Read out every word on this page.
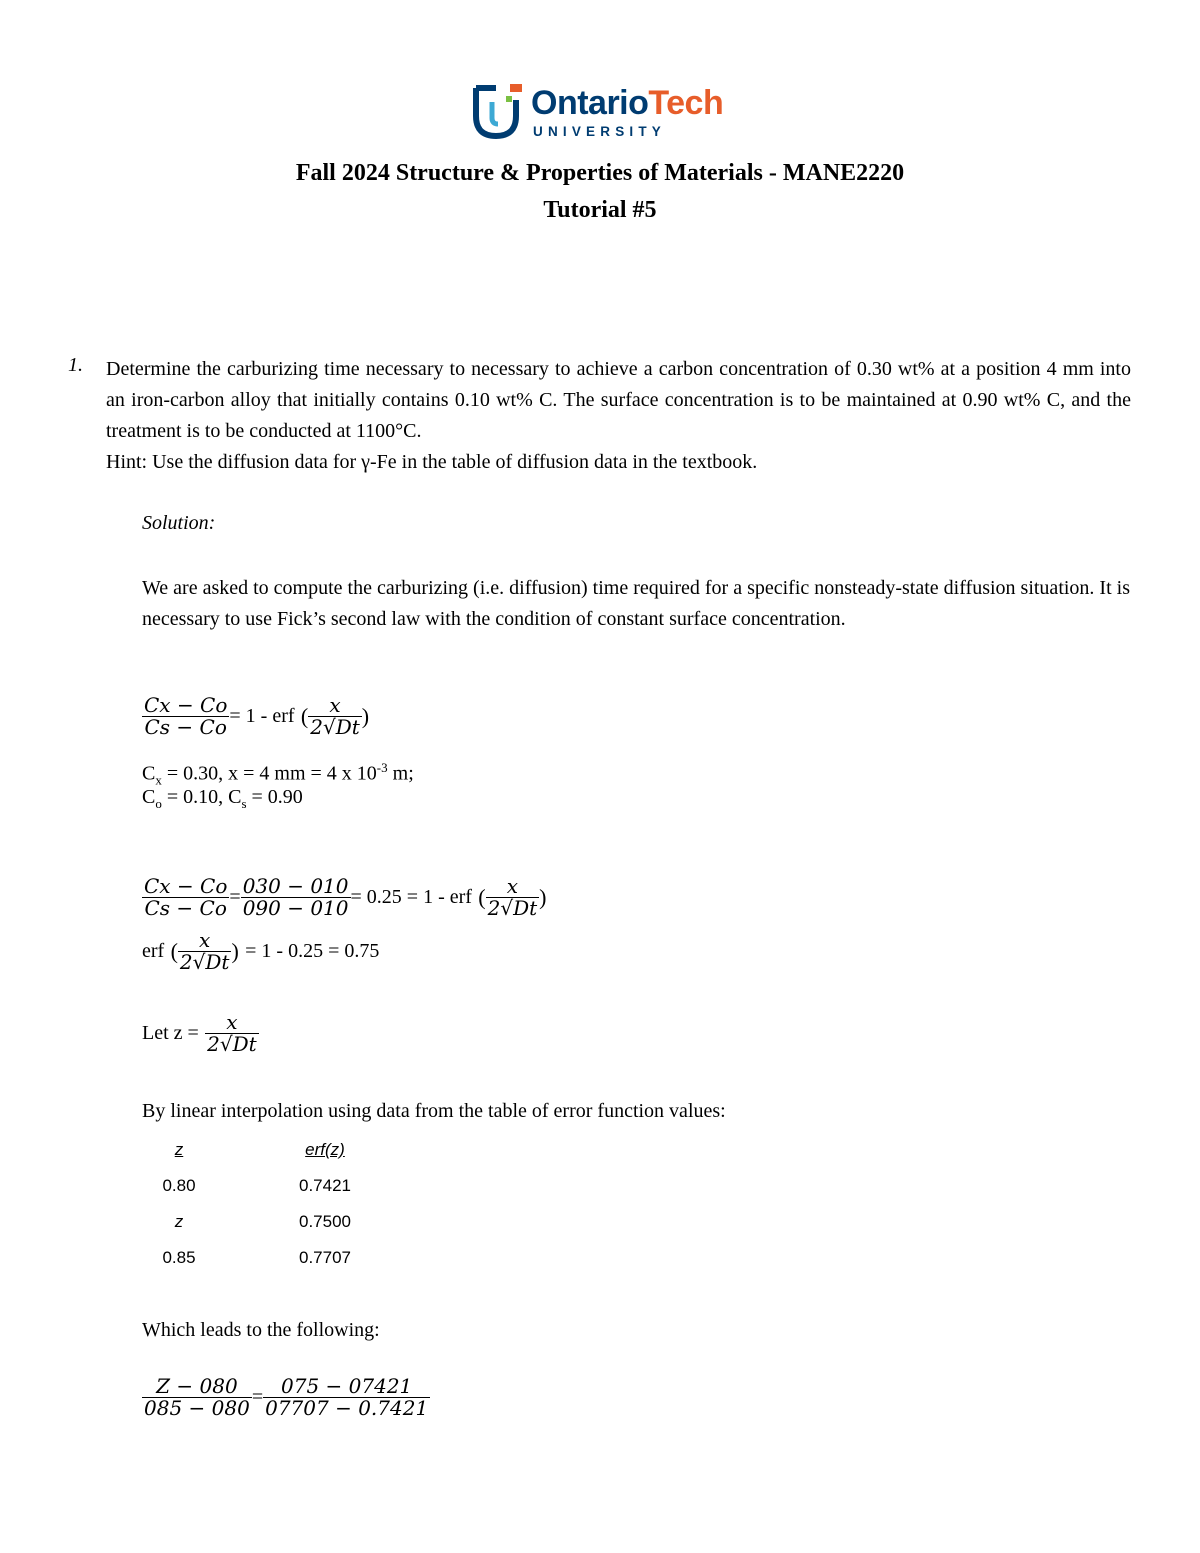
OntarioTech
UNIVERSITY
Fall 2024 Structure & Properties of Materials - MANE2220
Tutorial #5
1. Determine the carburizing time necessary to necessary to achieve a carbon concentration of 0.30 wt% at a position 4 mm into an iron-carbon alloy that initially contains 0.10 wt% C. The surface concentration is to be maintained at 0.90 wt% C, and the treatment is to be conducted at 1100°C.
Hint: Use the diffusion data for γ-Fe in the table of diffusion data in the textbook.
Solution:
We are asked to compute the carburizing (i.e. diffusion) time required for a specific nonsteady-state diffusion situation. It is necessary to use Fick’s second law with the condition of constant surface concentration.
$\frac{Cx - Co}{Cs - Co} = 1$ - erf ( $\frac{x}{2√Dt}$ )
$C_x = 0.30$, x = 4 mm = 4 x $10^{-3}$ m;
$C_o = 0.10$, $C_s = 0.90$
$\frac{Cx - Co}{Cs - Co} = \frac{030 - 010}{090 - 010} = 0.25 = 1$ - erf ( $\frac{x}{2√Dt}$ )
erf ( $\frac{x}{2√Dt}$ ) = 1 - 0.25 = 0.75
Let $z = \frac{x}{2√Dt}$
By linear interpolation using data from the table of error function values:
z	erf(z)
0.80	0.7421
z	0.7500
0.85	0.7707
Which leads to the following:
$\frac{Z - 080}{085 - 080} = \frac{075 - 07421}{07707 - 0.7421}$
